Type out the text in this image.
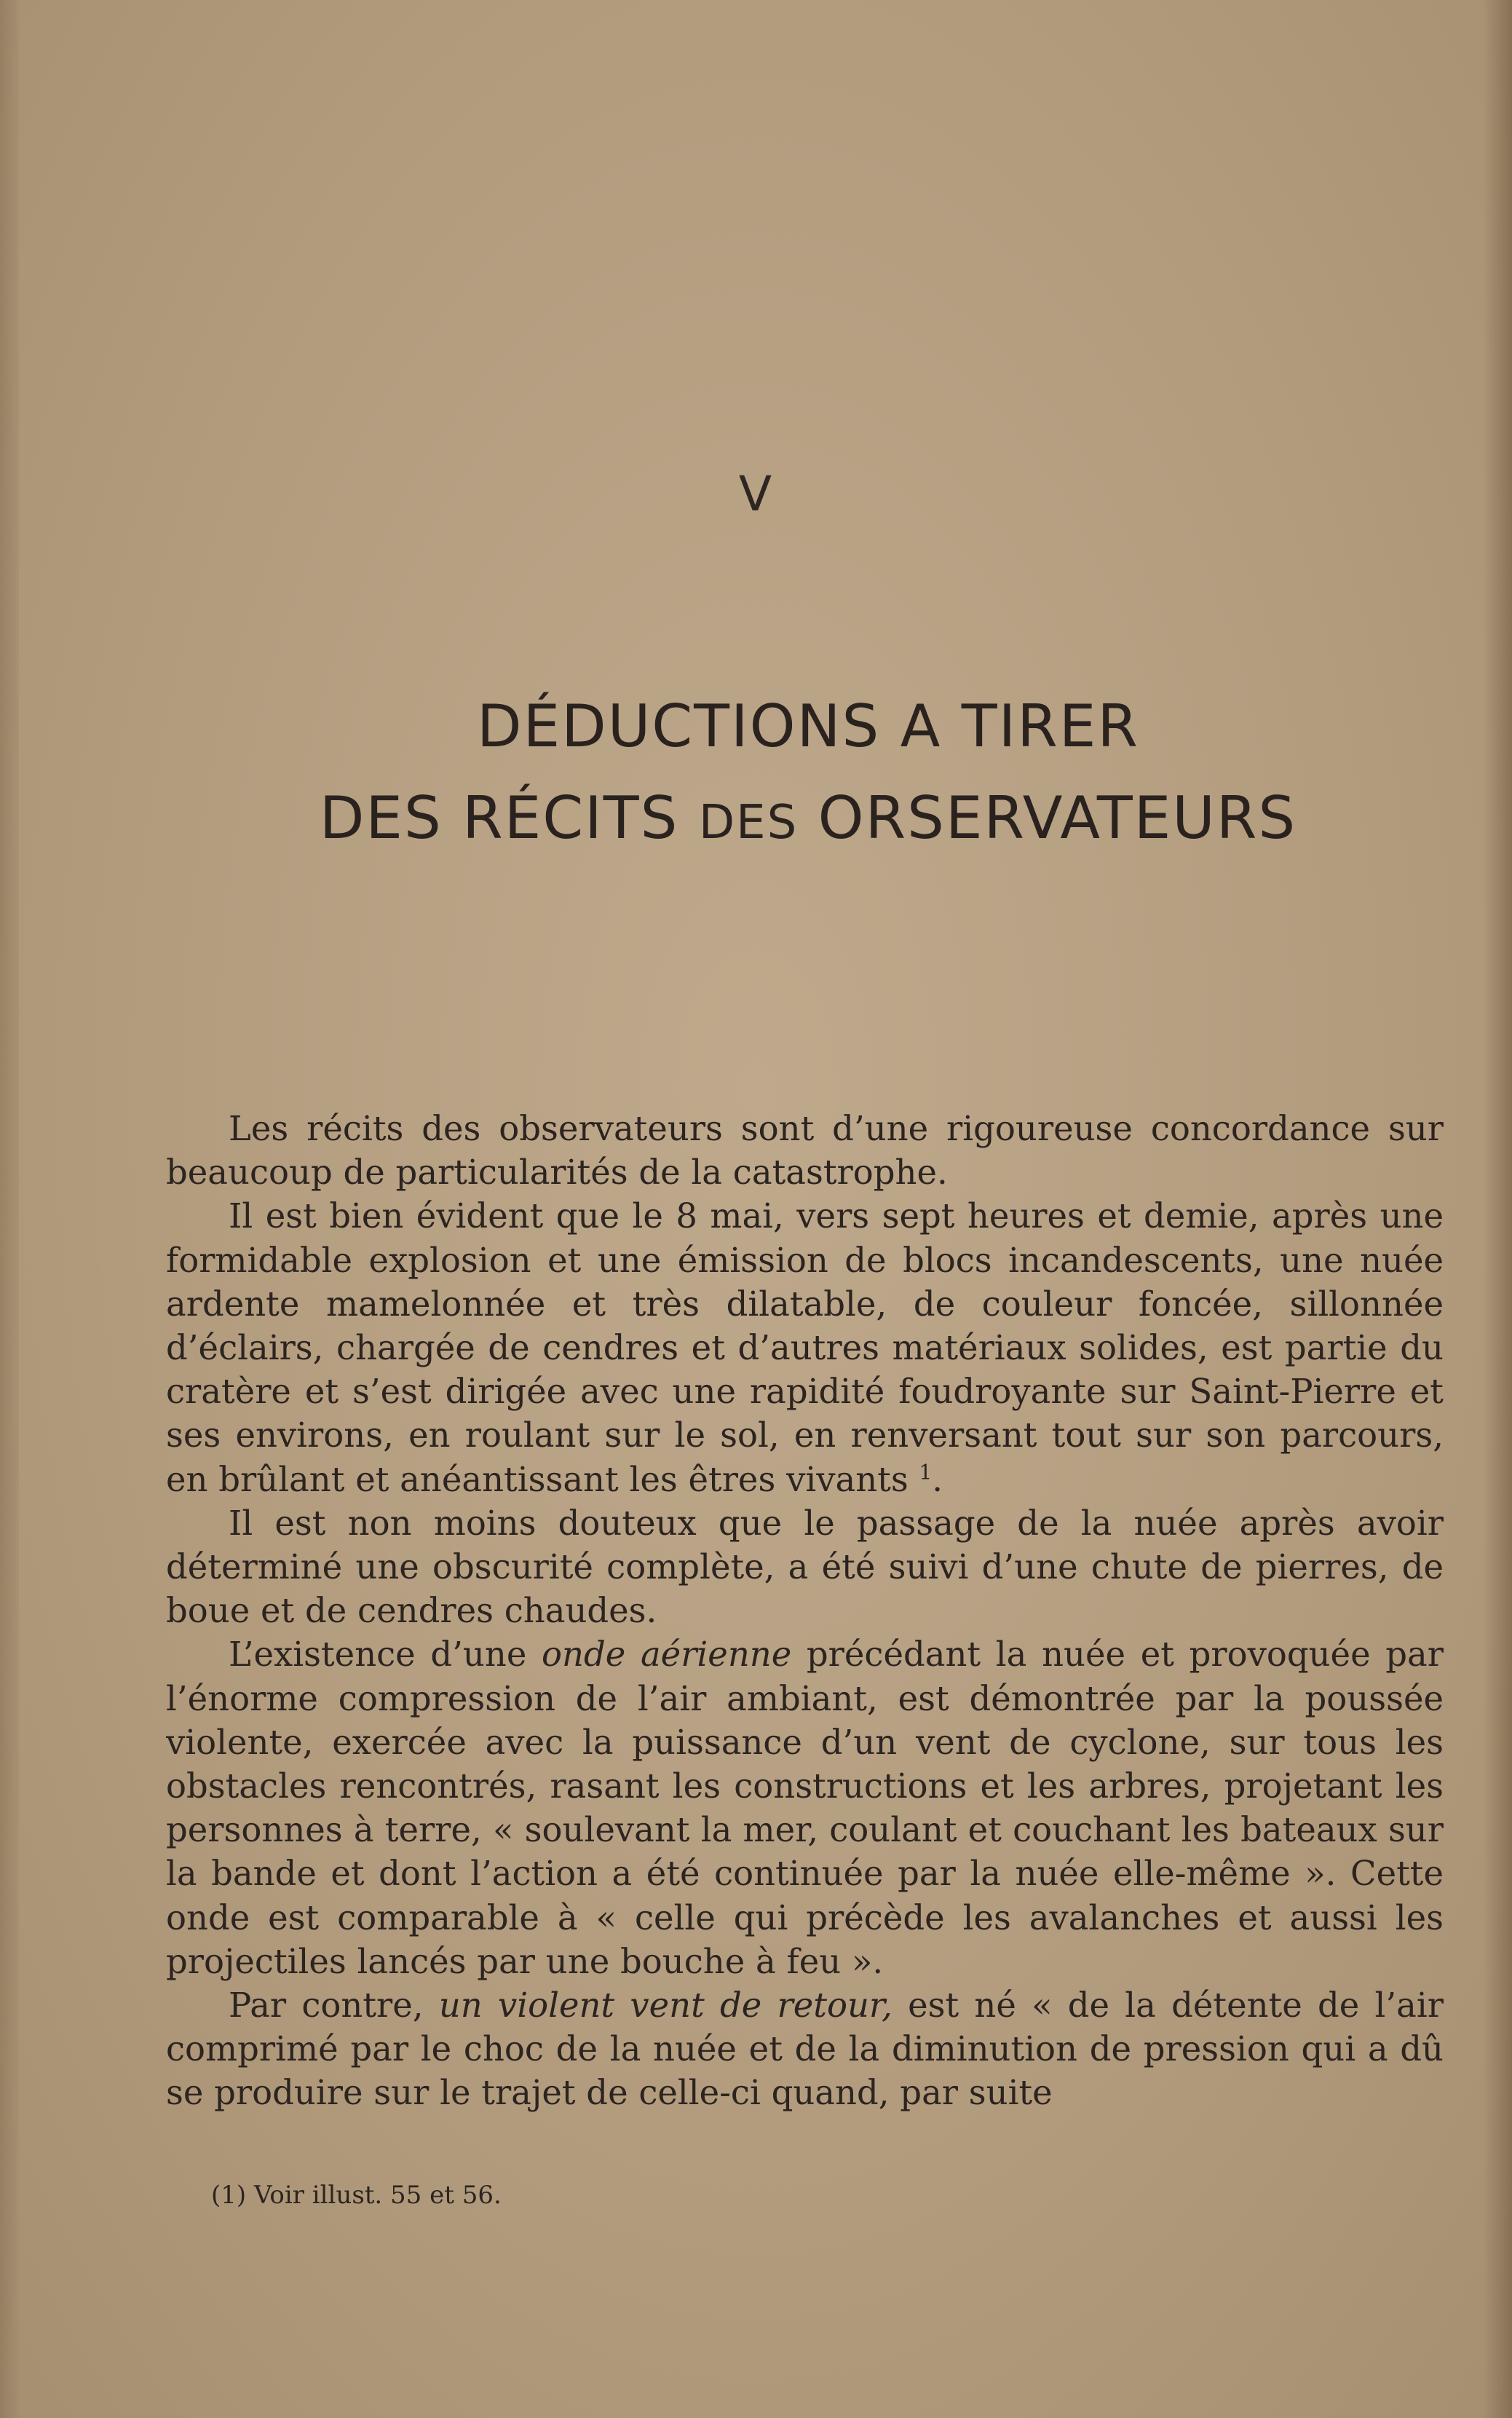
V
DÉDUCTIONS A TIRER
DES RÉCITS DES ORSERVATEURS

Les récits des observateurs sont d’une rigoureuse concordance sur beaucoup de particularités de la catastrophe.

Il est bien évident que le 8 mai, vers sept heures et demie, après une formidable explosion et une émission de blocs incandescents, une nuée ardente mamelonnée et très dilatable, de couleur foncée, sillonnée d’éclairs, chargée de cendres et d’autres matériaux solides, est partie du cratère et s’est dirigée avec une rapidité foudroyante sur Saint-Pierre et ses environs, en roulant sur le sol, en renversant tout sur son parcours, en brûlant et anéantissant les êtres vivants $^1$.

Il est non moins douteux que le passage de la nuée après avoir déterminé une obscurité complète, a été suivi d’une chute de pierres, de boue et de cendres chaudes.

L’existence d’une onde aérienne précédant la nuée et provoquée par l’énorme compression de l’air ambiant, est démontrée par la poussée violente, exercée avec la puissance d’un vent de cyclone, sur tous les obstacles rencontrés, rasant les constructions et les arbres, projetant les personnes à terre, « soulevant la mer, coulant et couchant les bateaux sur la bande et dont l’action a été continuée par la nuée elle-même ». Cette onde est comparable à « celle qui précède les avalanches et aussi les projectiles lancés par une bouche à feu ».

Par contre, un violent vent de retour, est né « de la détente de l’air comprimé par le choc de la nuée et de la diminution de pression qui a dû se produire sur le trajet de celle-ci quand, par suite

(1) Voir illust. 55 et 56.
